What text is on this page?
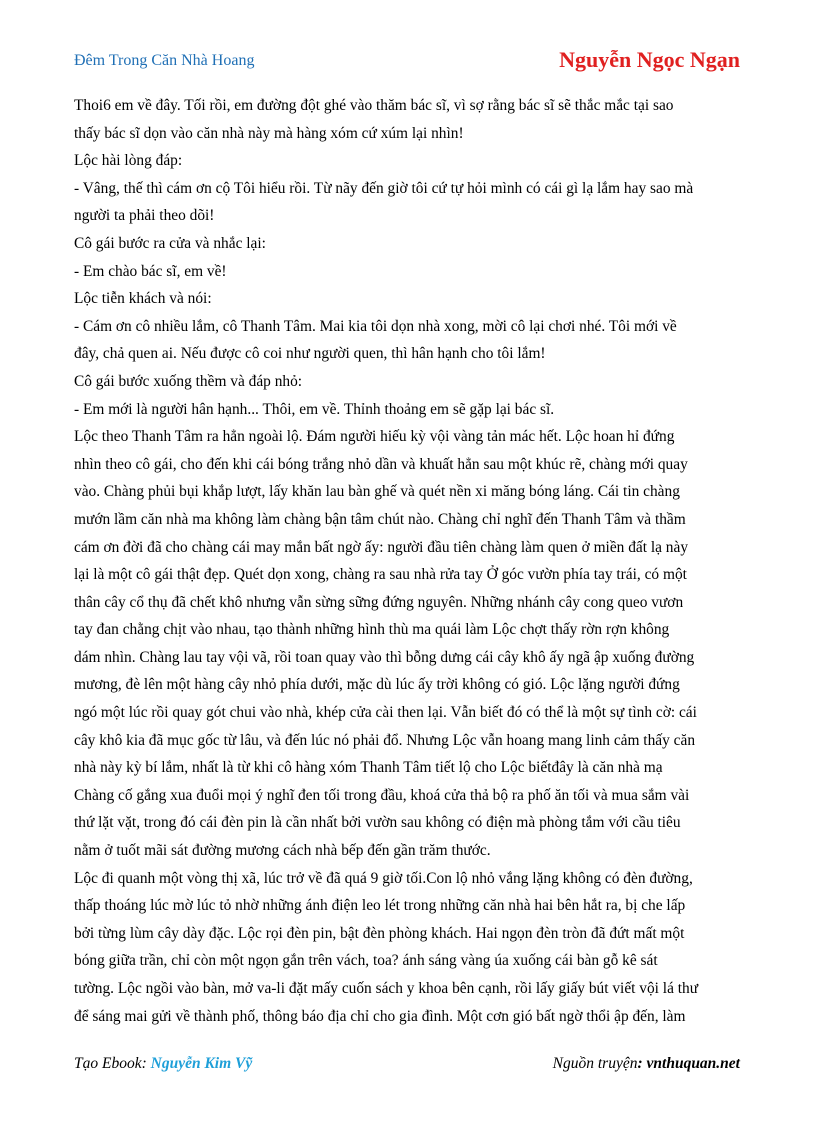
Đêm Trong Căn Nhà Hoang	Nguyễn Ngọc Ngạn
Thoi6 em về đây. Tối rồi, em đường đột ghé vào thăm bác sĩ, vì sợ rằng bác sĩ sẽ thắc mắc tại sao
thấy bác sĩ dọn vào căn nhà này mà hàng xóm cứ xúm lại nhìn!
Lộc hài lòng đáp:
- Vâng, thế thì cám ơn cộ Tôi hiểu rồi. Từ nãy đến giờ tôi cứ tự hỏi mình có cái gì lạ lắm hay sao mà
người ta phải theo dõi!
Cô gái bước ra cửa và nhắc lại:
- Em chào bác sĩ, em về!
Lộc tiễn khách và nói:
- Cám ơn cô nhiều lắm, cô Thanh Tâm. Mai kia tôi dọn nhà xong, mời cô lại chơi nhé. Tôi mới về
đây, chả quen ai. Nếu được cô coi như người quen, thì hân hạnh cho tôi lắm!
Cô gái bước xuống thềm và đáp nhỏ:
- Em mới là người hân hạnh... Thôi, em về. Thỉnh thoảng em sẽ gặp lại bác sĩ.
Lộc theo Thanh Tâm ra hẳn ngoài lộ. Đám người hiếu kỳ vội vàng tản mác hết. Lộc hoan hỉ đứng
nhìn theo cô gái, cho đến khi cái bóng trắng nhỏ dần và khuất hẳn sau một khúc rẽ, chàng mới quay
vào. Chàng phủi bụi khắp lượt, lấy khăn lau bàn ghế và quét nền xi măng bóng láng. Cái tin chàng
mướn lầm căn nhà ma không làm chàng bận tâm chút nào. Chàng chỉ nghĩ đến Thanh Tâm và thầm
cám ơn đời đã cho chàng cái may mắn bất ngờ ấy: người đầu tiên chàng làm quen ở miền đất lạ này
lại là một cô gái thật đẹp. Quét dọn xong, chàng ra sau nhà rửa tay Ở góc vườn phía tay trái, có một
thân cây cổ thụ đã chết khô nhưng vẫn sừng sững đứng nguyên. Những nhánh cây cong queo vươn
tay đan chằng chịt vào nhau, tạo thành những hình thù ma quái làm Lộc chợt thấy rờn rợn không
dám nhìn. Chàng lau tay vội vã, rồi toan quay vào thì bỗng dưng cái cây khô ấy ngã ập xuống đường
mương, đè lên một hàng cây nhỏ phía dưới, mặc dù lúc ấy trời không có gió. Lộc lặng người đứng
ngó một lúc rồi quay gót chui vào nhà, khép cửa cài then lại. Vẫn biết đó có thể là một sự tình cờ: cái
cây khô kia đã mục gốc từ lâu, và đến lúc nó phải đổ. Nhưng Lộc vẫn hoang mang linh cảm thấy căn
nhà này kỳ bí lắm, nhất là từ khi cô hàng xóm Thanh Tâm tiết lộ cho Lộc biếtđây là căn nhà mạ
Chàng cố gắng xua đuổi mọi ý nghĩ đen tối trong đầu, khoá cửa thả bộ ra phố ăn tối và mua sắm vài
thứ lặt vặt, trong đó cái đèn pin là cần nhất bởi vườn sau không có điện mà phòng tắm với cầu tiêu
nằm ở tuốt mãi sát đường mương cách nhà bếp đến gần trăm thước.
Lộc đi quanh một vòng thị xã, lúc trở về đã quá 9 giờ tối.Con lộ nhỏ vắng lặng không có đèn đường,
thấp thoáng lúc mờ lúc tỏ nhờ những ánh điện leo lét trong những căn nhà hai bên hắt ra, bị che lấp
bởi từng lùm cây dày đặc. Lộc rọi đèn pin, bật đèn phòng khách. Hai ngọn đèn tròn đã đứt mất một
bóng giữa trần, chỉ còn một ngọn gắn trên vách, toa? ánh sáng vàng úa xuống cái bàn gỗ kê sát
tường. Lộc ngồi vào bàn, mở va-li đặt mấy cuốn sách y khoa bên cạnh, rồi lấy giấy bút viết vội lá thư
để sáng mai gửi về thành phố, thông báo địa chỉ cho gia đình. Một cơn gió bất ngờ thổi ập đến, làm
Tạo Ebook: Nguyễn Kim Vỹ	Nguồn truyện: vnthuquan.net
